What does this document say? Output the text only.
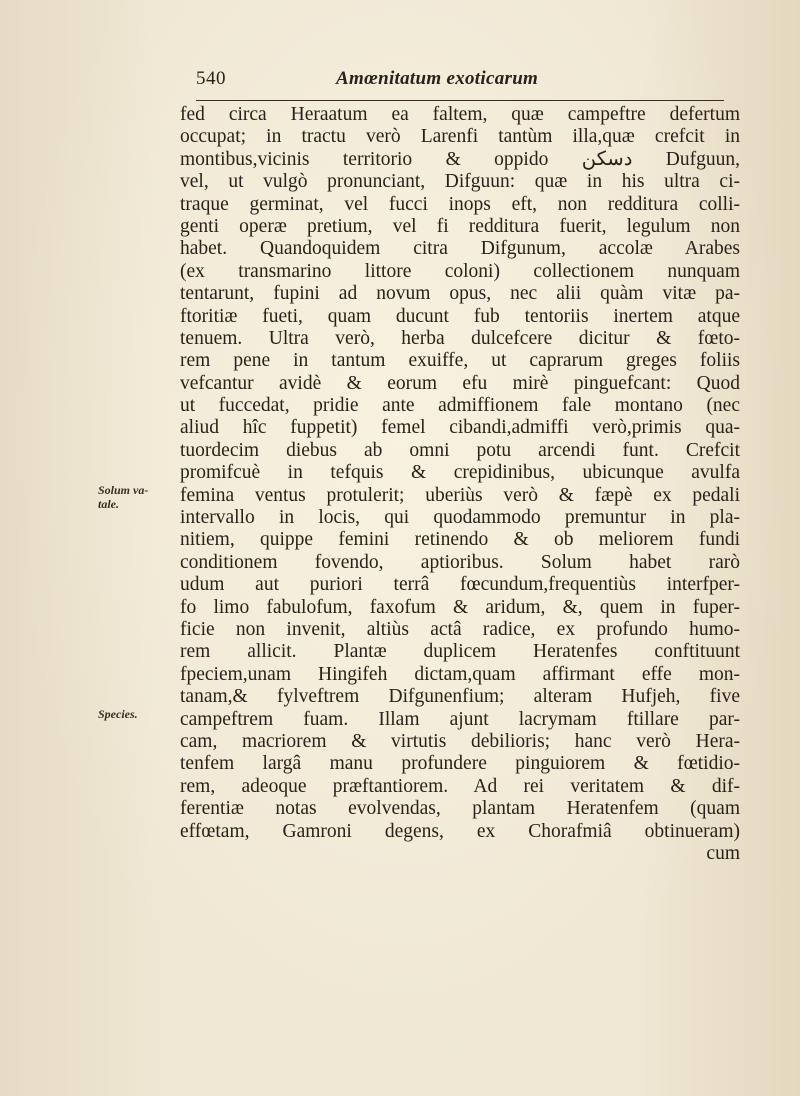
540	Amœnitatum exoticarum
Solum va-
tale.
Species.
fed circa Heraatum ea faltem, quæ campeftre defertum
occupat; in tractu verò Larenfi tantùm illa,quæ crefcit in
montibus,vicinis territorio & oppido دسکن Dufguun,
vel, ut vulgò pronunciant, Difguun: quæ in his ultra ci-
traque germinat, vel fucci inops eft, non redditura colli-
genti operæ pretium, vel fi redditura fuerit, legulum non
habet. Quandoquidem citra Difgunum, accolæ Arabes
(ex transmarino littore coloni) collectionem nunquam
tentarunt, fupini ad novum opus, nec alii quàm vitæ pa-
ftoritiæ fueti, quam ducunt fub tentoriis inertem atque
tenuem. Ultra verò, herba dulcefcere dicitur & fœto-
rem pene in tantum exuiffe, ut caprarum greges foliis
vefcantur avidè & eorum efu mirè pinguefcant: Quod
ut fuccedat, pridie ante admiffionem fale montano (nec
aliud hîc fuppetit) femel cibandi,admiffi verò,primis qua-
tuordecim diebus ab omni potu arcendi funt. Crefcit
promifcuè in tefquis & crepidinibus, ubicunque avulfa
femina ventus protulerit; uberiùs verò & fæpè ex pedali
intervallo in locis, qui quodammodo premuntur in pla-
nitiem, quippe femini retinendo & ob meliorem fundi
conditionem fovendo, aptioribus. Solum habet rarò
udum aut puriori terrâ fœcundum,frequentiùs interfper-
fo limo fabulofum, faxofum & aridum, &, quem in fuper-
ficie non invenit, altiùs actâ radice, ex profundo humo-
rem allicit. Plantæ duplicem Heratenfes conftituunt
fpeciem,unam Hingifeh dictam,quam affirmant effe mon-
tanam,& fylveftrem Difgunenfium; alteram Hufjeh, five
campeftrem fuam. Illam ajunt lacrymam ftillare par-
cam, macriorem & virtutis debilioris; hanc verò Hera-
tenfem largâ manu profundere pinguiorem & fœtidio-
rem, adeoque præftantiorem. Ad rei veritatem & dif-
ferentiæ notas evolvendas, plantam Heratenfem (quam
effœtam, Gamroni degens, ex Chorafmiâ obtinueram)
cum
